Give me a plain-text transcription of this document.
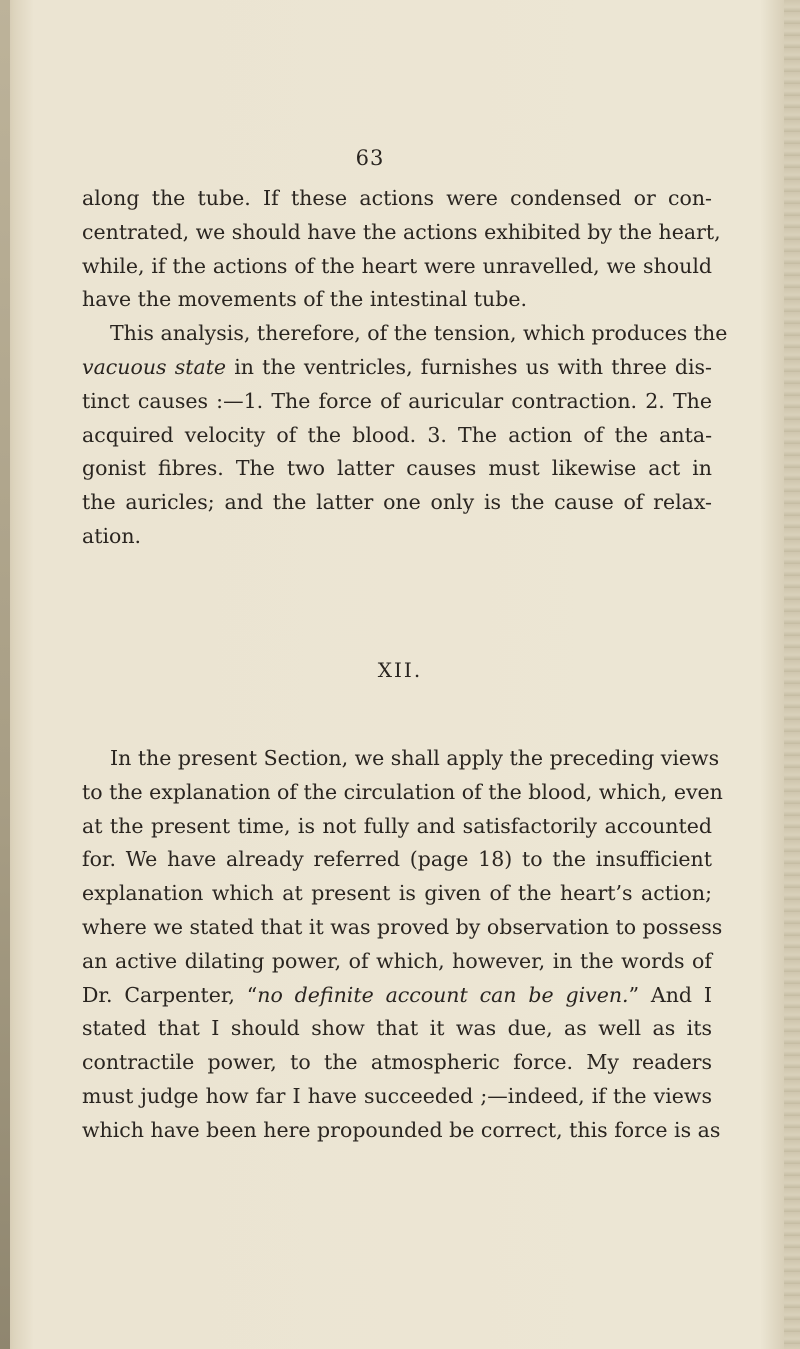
63
along the tube. If these actions were condensed or con-
centrated, we should have the actions exhibited by the heart,
while, if the actions of the heart were unravelled, we should
have the movements of the intestinal tube.
This analysis, therefore, of the tension, which produces the
vacuous state in the ventricles, furnishes us with three dis-
tinct causes :—1. The force of auricular contraction. 2. The
acquired velocity of the blood. 3. The action of the anta-
gonist fibres. The two latter causes must likewise act in
the auricles; and the latter one only is the cause of relax-
ation.
XII.
In the present Section, we shall apply the preceding views
to the explanation of the circulation of the blood, which, even
at the present time, is not fully and satisfactorily accounted
for. We have already referred (page 18) to the insufficient
explanation which at present is given of the heart’s action;
where we stated that it was proved by observation to possess
an active dilating power, of which, however, in the words of
Dr. Carpenter, “no definite account can be given.” And I
stated that I should show that it was due, as well as its
contractile power, to the atmospheric force. My readers
must judge how far I have succeeded ;—indeed, if the views
which have been here propounded be correct, this force is as
